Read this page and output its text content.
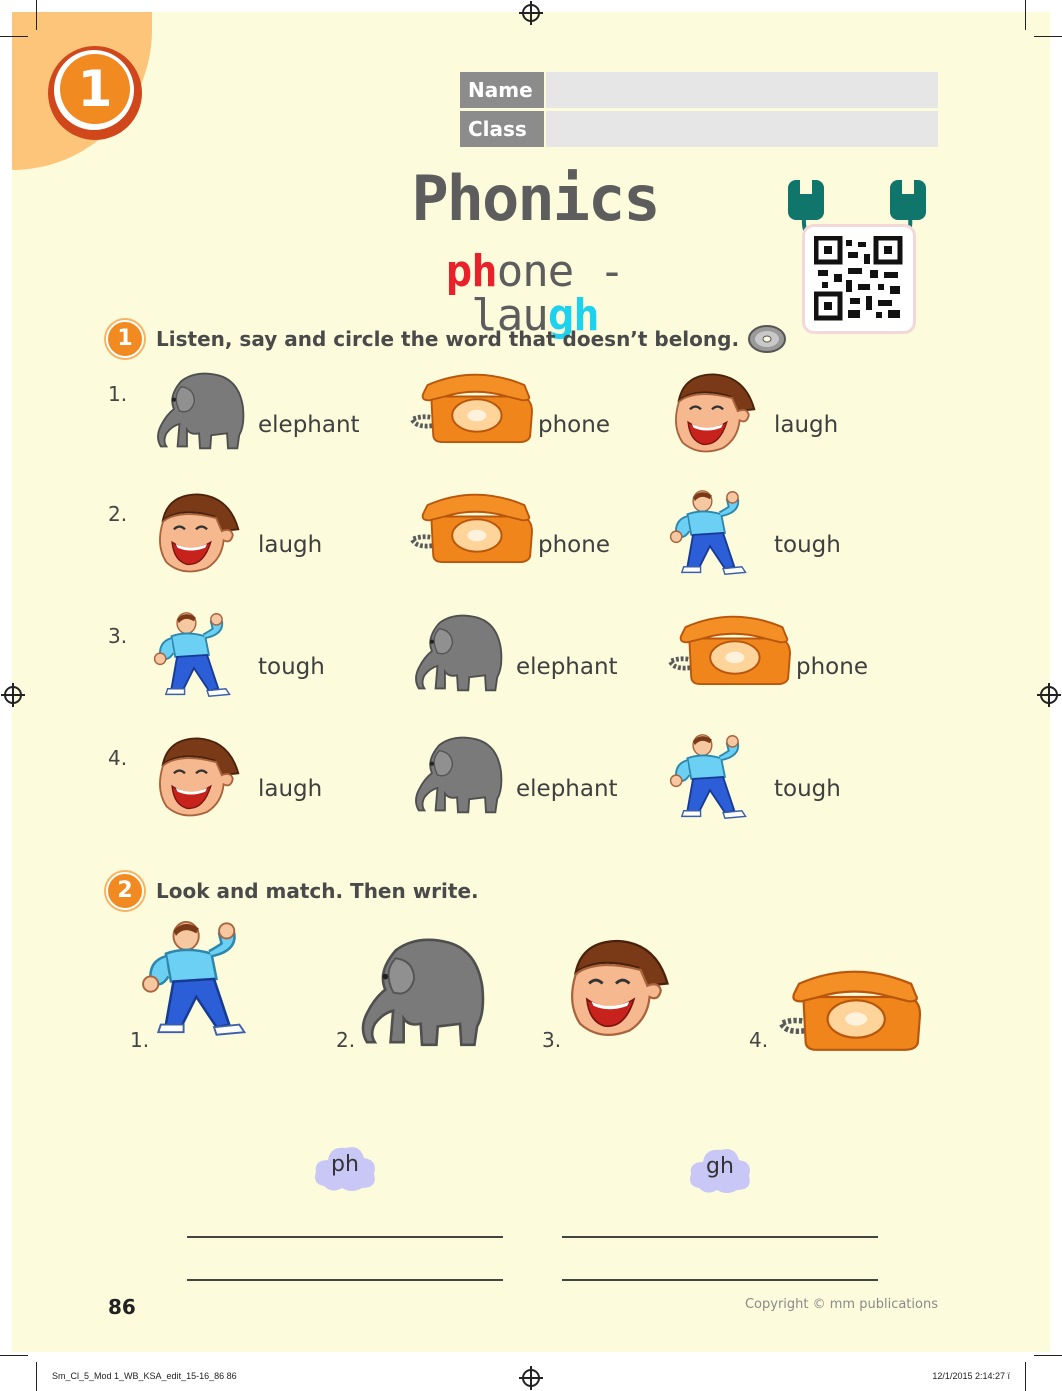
1	Name
Class
Phonics
phone - laugh
1	Listen, say and circle the word that doesn’t belong.
1.
elephant	phone	laugh
2.
laugh	phone	tough
3.
tough	elephant	phone
4.
laugh	elephant	tough
2	Look and match. Then write.
1.	2.	3.	4.
ph	gh
86	Copyright © mm publications
Sm_Cl_5_Mod 1_WB_KSA_edit_15-16_86 86	12/1/2015 2:14:27 ï
